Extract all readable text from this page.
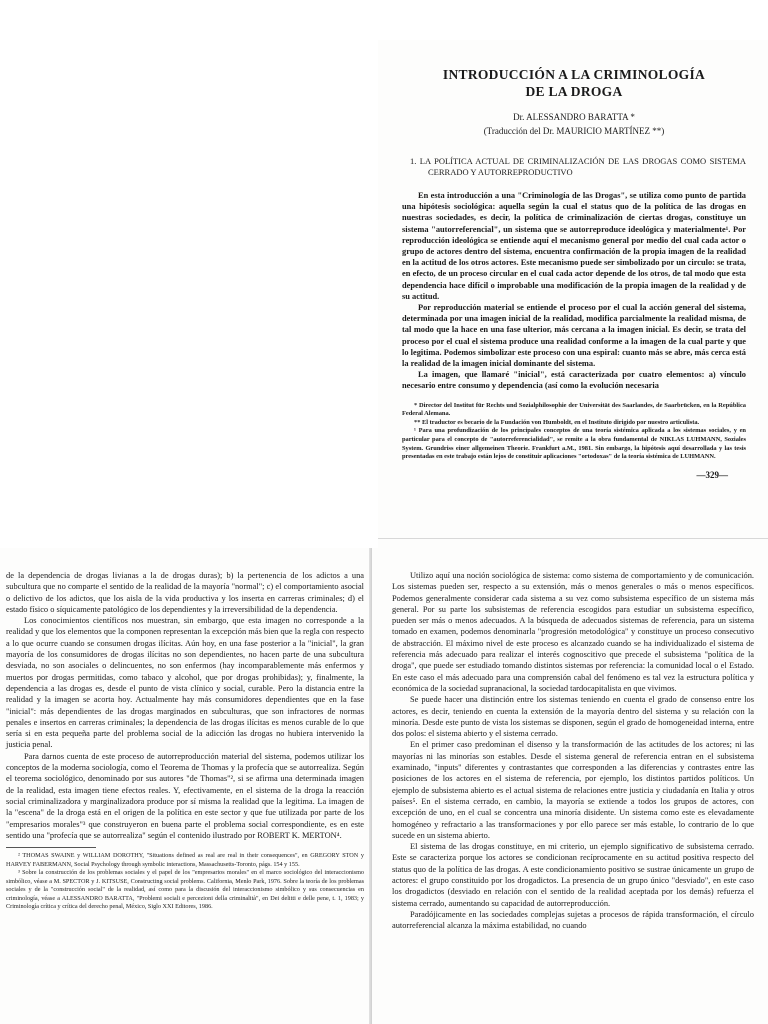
INTRODUCCIÓN A LA CRIMINOLOGÍA

DE LA DROGA

Dr. ALESSANDRO BARATTA *

(Traducción del Dr. MAURICIO MARTÍNEZ **)

1. LA POLÍTICA ACTUAL DE CRIMINALIZACIÓN DE LAS DROGAS COMO SISTEMA CERRADO Y AUTORREPRODUCTIVO

En esta introducción a una "Criminología de las Drogas", se utiliza como punto de partida una hipótesis sociológica: aquella según la cual el status quo de la política de las drogas en nuestras sociedades, es decir, la política de criminalización de ciertas drogas, constituye un sistema "autorreferencial", un sistema que se autorreproduce ideológica y materialmente¹. Por reproducción ideológica se entiende aquí el mecanismo general por medio del cual cada actor o grupo de actores dentro del sistema, encuentra confirmación de la propia imagen de la realidad en la actitud de los otros actores. Este mecanismo puede ser simbolizado por un circulo: se trata, en efecto, de un proceso circular en el cual cada actor depende de los otros, de tal modo que esta dependencia hace difícil o improbable una modificación de la propia imagen de la realidad y de su actitud.

Por reproducción material se entiende el proceso por el cual la acción general del sistema, determinada por una imagen inicial de la realidad, modifica parcialmente la realidad misma, de tal modo que la hace en una fase ulterior, más cercana a la imagen inicial. Es decir, se trata del proceso por el cual el sistema produce una realidad conforme a la imagen de la cual parte y que lo legitima. Podemos simbolizar este proceso con una espiral: cuanto más se abre, más cerca está la realidad de la imagen inicial dominante del sistema.

La imagen, que llamaré "inicial", está caracterizada por cuatro elementos: a) vínculo necesario entre consumo y dependencia (así como la evolución necesaria

* Director del Institut für Rechts und Sozialphilosophie der Universität des Saarlandes, de Saarbrücken, en la República Federal Alemana.

** El traductor es becario de la Fundación von Humboldt, en el Instituto dirigido por nuestro articulista.

¹ Para una profundización de los principales conceptos de una teoría sistémica aplicada a los sistemas sociales, y en particular para el concepto de "autorreferencialidad", se remite a la obra fundamental de NIKLAS LUHMANN, Soziales System. Grundriss einer allgemeinen Theorie. Frankfurt a.M., 1981. Sin embargo, la hipótesis aquí desarrollada y las tesis presentadas en este trabajo están lejos de constituir aplicaciones "ortodoxas" de la teoría sistémica de LUHMANN.

—329—

de la dependencia de drogas livianas a la de drogas duras); b) la pertenencia de los adictos a una subcultura que no comparte el sentido de la realidad de la mayoría "normal"; c) el comportamiento asocial o delictivo de los adictos, que los aisla de la vida productiva y los inserta en carreras criminales; d) el estado físico o síquicamente patológico de los dependientes y la irreversibilidad de la dependencia.

Los conocimientos científicos nos muestran, sin embargo, que esta imagen no corresponde a la realidad y que los elementos que la componen representan la excepción más bien que la regla con respecto a lo que ocurre cuando se consumen drogas ilícitas. Aún hoy, en una fase posterior a la "inicial", la gran mayoría de los consumidores de drogas ilícitas no son dependientes, no hacen parte de una subcultura desviada, no son asociales o delincuentes, no son enfermos (hay incomparablemente más enfermos y muertos por drogas permitidas, como tabaco y alcohol, que por drogas prohibidas); y, finalmente, la dependencia a las drogas es, desde el punto de vista clínico y social, curable. Pero la distancia entre la realidad y la imagen se acorta hoy. Actualmente hay más consumidores dependientes que en la fase "inicial": más dependientes de las drogas marginados en subculturas, que son infractores de normas penales e insertos en carreras criminales; la dependencia de las drogas ilícitas es menos curable de lo que sería si en esta pequeña parte del problema social de la adicción las drogas no hubiera intervenido la justicia penal.

Para darnos cuenta de este proceso de autorreproducción material del sistema, podemos utilizar los conceptos de la moderna sociología, como el Teorema de Thomas y la profecía que se autorrealiza. Según el teorema sociológico, denominado por sus autores "de Thomas"², si se afirma una determinada imagen de la realidad, esta imagen tiene efectos reales. Y, efectivamente, en el sistema de la droga la reacción social criminalizadora y marginalizadora produce por sí misma la realidad que la legitima. La imagen de la "escena" de la droga está en el origen de la política en este sector y que fue utilizada por parte de los "empresarios morales"³ que construyeron en buena parte el problema social correspondiente, es en este sentido una "profecía que se autorrealiza" según el contenido ilustrado por ROBERT K. MERTON⁴.

² THOMAS SWAINE y WILLIAM DOROTHY, "Situations defined as real are real in their consequences", en GREGORY STON y HARVEY FABERMANN, Social Psychology through symbolic interactions, Massachusetts-Toronto, págs. 154 y 155.

³ Sobre la construcción de los problemas sociales y el papel de los "empresarios morales" en el marco sociológico del interaccionismo simbólico, véase a M. SPECTOR y J. KITSUSE, Constructing social problems. California, Menlo Park, 1976. Sobre la teoría de los problemas sociales y de la "construcción social" de la realidad, así como para la discusión del interaccionismo simbólico y sus consecuencias en criminología, véase a ALESSANDRO BARATTA, "Problemi sociali e percezioni della criminalità", en Dei delitti e delle pene, t. 1, 1983; y Criminología crítica y crítica del derecho penal, México, Siglo XXI Editores, 1986.

Utilizo aquí una noción sociológica de sistema: como sistema de comportamiento y de comunicación. Los sistemas pueden ser, respecto a su extensión, más o menos generales o más o menos específicos. Podemos generalmente considerar cada sistema a su vez como subsistema específico de un sistema más general. Por su parte los subsistemas de referencia escogidos para estudiar un subsistema específico, pueden ser más o menos adecuados. A la búsqueda de adecuados sistemas de referencia, para un sistema tomado en examen, podemos denominarla "progresión metodológica" y constituye un proceso consecutivo de abstracción. El máximo nivel de este proceso es alcanzado cuando se ha individualizado el sistema de referencia más adecuado para realizar el interés cognoscitivo que precede el subsistema "política de la droga", que puede ser estudiado tomando distintos sistemas por referencia: la comunidad local o el Estado. En este caso el más adecuado para una comprensión cabal del fenómeno es tal vez la estructura política y económica de la sociedad supranacional, la sociedad tardocapitalista en que vivimos.

Se puede hacer una distinción entre los sistemas teniendo en cuenta el grado de consenso entre los actores, es decir, teniendo en cuenta la extensión de la mayoría dentro del sistema y su relación con la minoría. Desde este punto de vista los sistemas se disponen, según el grado de homogeneidad interna, entre dos polos: el sistema abierto y el sistema cerrado.

En el primer caso predominan el disenso y la transformación de las actitudes de los actores; ni las mayorías ni las minorías son estables. Desde el sistema general de referencia entran en el subsistema examinado, "inputs" diferentes y contrastantes que corresponden a las diferencias y contrastes entre las posiciones de los actores en el sistema de referencia, por ejemplo, los distintos partidos políticos. Un ejemplo de subsistema abierto es el actual sistema de relaciones entre justicia y ciudadanía en Italia y otros países⁵. En el sistema cerrado, en cambio, la mayoría se extiende a todos los grupos de actores, con excepción de uno, en el cual se concentra una minoría disidente. Un sistema como este es elevadamente homogéneo y refractario a las transformaciones y por ello parece ser más estable, lo contrario de lo que sucede en un sistema abierto.

El sistema de las drogas constituye, en mi criterio, un ejemplo significativo de subsistema cerrado. Este se caracteriza porque los actores se condicionan recíprocamente en su actitud positiva respecto del status quo de la política de las drogas. A este condicionamiento positivo se sustrae únicamente un grupo de actores: el grupo constituido por los drogadictos. La presencia de un grupo único "desviado", en este caso los drogadictos (desviado en relación con el sentido de la realidad aceptada por los demás) refuerza el sistema cerrado, aumentando su capacidad de autorreproducción.

Paradójicamente en las sociedades complejas sujetas a procesos de rápida transformación, el círculo autorreferencial alcanza la máxima estabilidad, no cuando
